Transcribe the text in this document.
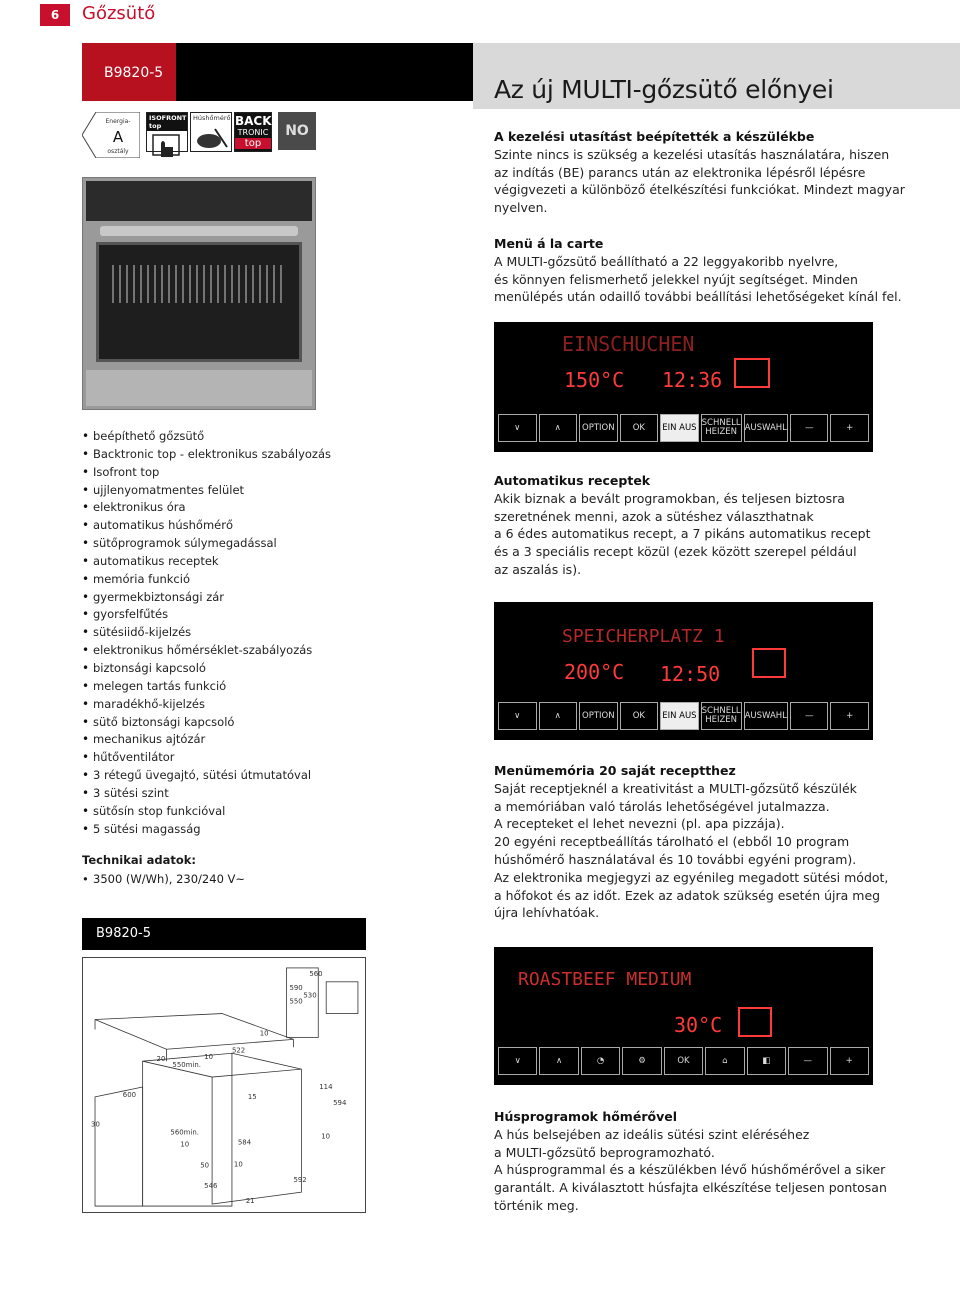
6	Gőzsütő
B9820-5
Energia-
A
osztály
ISOFRONT top
Húshőmérő BACK
TRONIC
top
NO
• beépíthető gőzsütő
• Backtronic top - elektronikus szabályozás
• Isofront top
• ujjlenyomatmentes felület
• elektronikus óra
• automatikus húshőmérő
• sütőprogramok súlymegadással
• automatikus receptek
• memória funkció
• gyermekbiztonsági zár
• gyorsfelfűtés
• sütésiidő-kijelzés
• elektronikus hőmérséklet-szabályozás
• biztonsági kapcsoló
• melegen tartás funkció
• maradékhő-kijelzés
• sütő biztonsági kapcsoló
• mechanikus ajtózár
• hűtőventilátor
• 3 rétegű üvegajtó, sütési útmutatóval
• 3 sütési szint
• sütősín stop funkcióval
• 5 sütési magasság
Technikai adatok:
• 3500 (W/Wh), 230/240 V~
B9820-5
560
590
550
530
10
522
20
550min.
10
600
114
594
15
30
560min.
10	584
10
50
10
546
592
21
Az új MULTI-gőzsütő előnyei
A kezelési utasítást beépítették a készülékbe
Szinte nincs is szükség a kezelési utasítás használatára, hiszen
az indítás (BE) parancs után az elektronika lépésről lépésre
végigvezeti a különböző ételkészítési funkciókat. Mindezt magyar
nyelven.
Menü á la carte
A MULTI-gőzsütő beállítható a 22 leggyakoribb nyelvre,
és könnyen felismerhető jelekkel nyújt segítséget. Minden
menülépés után odaillő további beállítási lehetőségeket kínál fel.
EINSCHUCHEN
150°C 12:36
∨	∧	OPTION	OK	EIN AUS SCHNELL HEIZEN AUSWAHL	—	+
Automatikus receptek
Akik biznak a bevált programokban, és teljesen biztosra
szeretnének menni, azok a sütéshez választhatnak
a 6 édes automatikus recept, a 7 pikáns automatikus recept
és a 3 speciális recept közül (ezek között szerepel például
az aszalás is).
SPEICHERPLATZ 1
200°C 12:50
∨	∧	OPTION	OK	EIN AUS SCHNELL HEIZEN AUSWAHL	—	+
Menümemória 20 saját receptthez
Saját receptjeknél a kreativitást a MULTI-gőzsütő készülék
a memóriában való tárolás lehetőségével jutalmazza.
A recepteket el lehet nevezni (pl. apa pizzája).
20 egyéni receptbeállítás tárolható el (ebből 10 program
húshőmérő használatával és 10 további egyéni program).
Az elektronika megjegyzi az egyénileg megadott sütési módot,
a hőfokot és az időt. Ezek az adatok szükség esetén újra meg
újra lehívhatóak.
ROASTBEEF MEDIUM
30°C
∨	∧	◔	⚙	OK	⌂	◧	—	+
Húsprogramok hőmérővel
A hús belsejében az ideális sütési szint eléréséhez
a MULTI-gőzsütő beprogramozható.
A húsprogrammal és a készülékben lévő húshőmérővel a siker
garantált. A kiválasztott húsfajta elkészítése teljesen pontosan
történik meg.
